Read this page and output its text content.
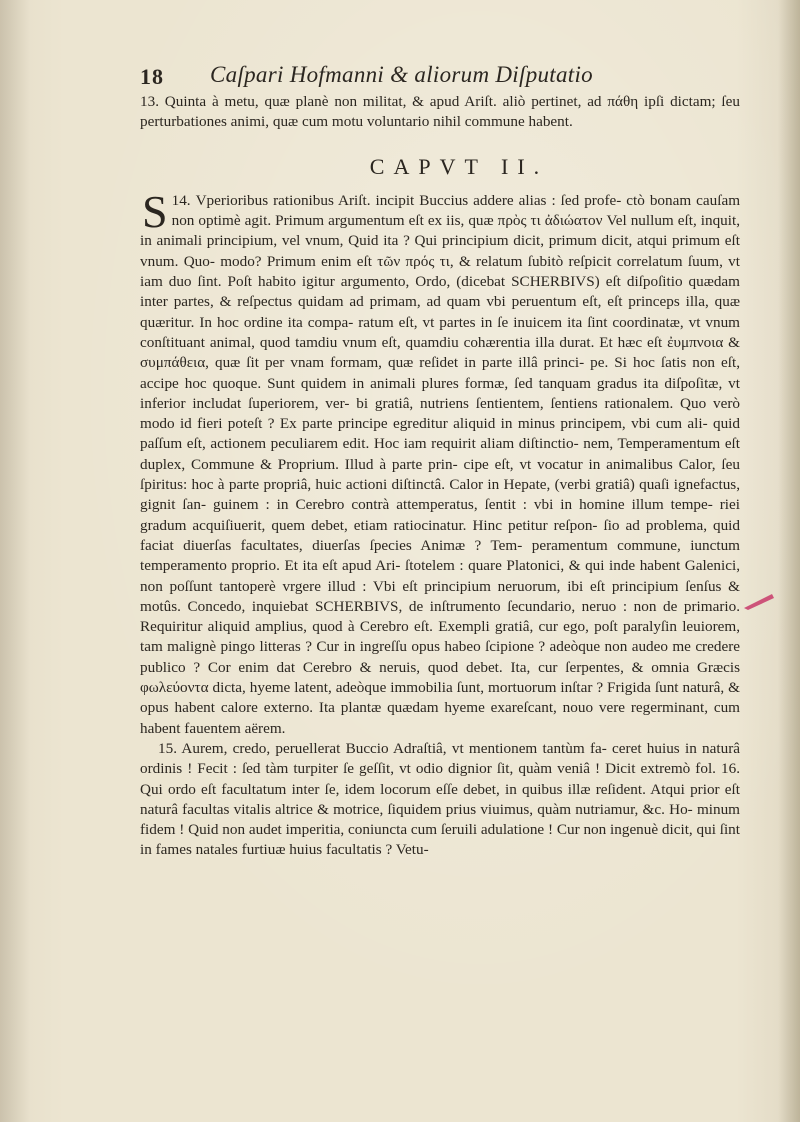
18 Caſpari Hofmanni & aliorum Diſputatio

13. Quinta à metu, quæ planè non militat, & apud Ariſt. aliò pertinet, ad πάθη ipſi dictam; ſeu perturbationes animi, quæ cum motu voluntario nihil commune habent.

CAPVT II.

14.
S Vperioribus rationibus Ariſt. incipit Buccius addere alias : ſed profe- ctò bonam cauſam non optimè agit. Primum argumentum eſt ex iis, quæ πρὸς τι ἀδιώατον Vel nullum eſt, inquit, in animali principium, vel vnum, Quid ita ? Qui principium dicit, primum dicit, atqui primum eſt vnum. Quo- modo? Primum enim eſt τῶν πρός τι, & relatum ſubitò reſpicit correlatum ſuum, vt iam duo ſint. Poſt habito igitur argumento, Ordo, (dicebat SCHERBIVS) eſt diſpoſitio quædam inter partes, & reſpectus quidam ad primam, ad quam vbi peruentum eſt, eſt princeps illa, quæ quæritur. In hoc ordine ita compa- ratum eſt, vt partes in ſe inuicem ita ſint coordinatæ, vt vnum conſtituant animal, quod tamdiu vnum eſt, quamdiu cohærentia illa durat. Et hæc eſt ἐυμπνοια & συμπάθεια, quæ ſit per vnam formam, quæ reſidet in parte illâ princi- pe. Si hoc ſatis non eſt, accipe hoc quoque. Sunt quidem in animali plures formæ, ſed tanquam gradus ita diſpoſitæ, vt inferior includat ſuperiorem, ver- bi gratiâ, nutriens ſentientem, ſentiens rationalem. Quo verò modo id fieri poteſt ? Ex parte principe egreditur aliquid in minus principem, vbi cum ali- quid paſſum eſt, actionem peculiarem edit. Hoc iam requirit aliam diſtinctio- nem, Temperamentum eſt duplex, Commune & Proprium. Illud à parte prin- cipe eſt, vt vocatur in animalibus Calor, ſeu ſpiritus: hoc à parte propriâ, huic actioni diſtinctâ. Calor in Hepate, (verbi gratiâ) quaſi ignefactus, gignit ſan- guinem : in Cerebro contrà attemperatus, ſentit : vbi in homine illum tempe- riei gradum acquiſiuerit, quem debet, etiam ratiocinatur. Hinc petitur reſpon- ſio ad problema, quid faciat diuerſas facultates, diuerſas ſpecies Animæ ? Tem- peramentum commune, iunctum temperamento proprio. Et ita eſt apud Ari- ſtotelem : quare Platonici, & qui inde habent Galenici, non poſſunt tantoperè vrgere illud : Vbi eſt principium neruorum, ibi eſt principium ſenſus & motûs. Concedo, inquiebat SCHERBIVS, de inſtrumento ſecundario, neruo : non de primario. Requiritur aliquid amplius, quod à Cerebro eſt. Exempli gratiâ, cur ego, poſt paralyſin leuiorem, tam malignè pingo litteras ? Cur in ingreſſu opus habeo ſcipione ? adeòque non audeo me credere publico ? Cor enim dat Cerebro & neruis, quod debet. Ita, cur ſerpentes, & omnia Græcis φωλεύοντα dicta, hyeme latent, adeòque immobilia ſunt, mortuorum inſtar ? Frigida ſunt naturâ, & opus habent calore externo. Ita plantæ quædam hyeme exareſcant, nouo vere regerminant, cum habent fauentem aërem.

15. Aurem, credo, peruellerat Buccio Adraſtiâ, vt mentionem tantùm fa- ceret huius in naturâ ordinis ! Fecit : ſed tàm turpiter ſe geſſit, vt odio dignior ſit, quàm veniâ ! Dicit extremò fol. 16. Qui ordo eſt facultatum inter ſe, idem locorum eſſe debet, in quibus illæ reſident. Atqui prior eſt naturâ facultas vitalis altrice & motrice, ſiquidem prius viuimus, quàm nutriamur, &c. Ho- minum fidem ! Quid non audet imperitia, coniuncta cum ſeruili adulatione ! Cur non ingenuè dicit, qui ſint in fames natales furtiuæ huius facultatis ? Vetu-
